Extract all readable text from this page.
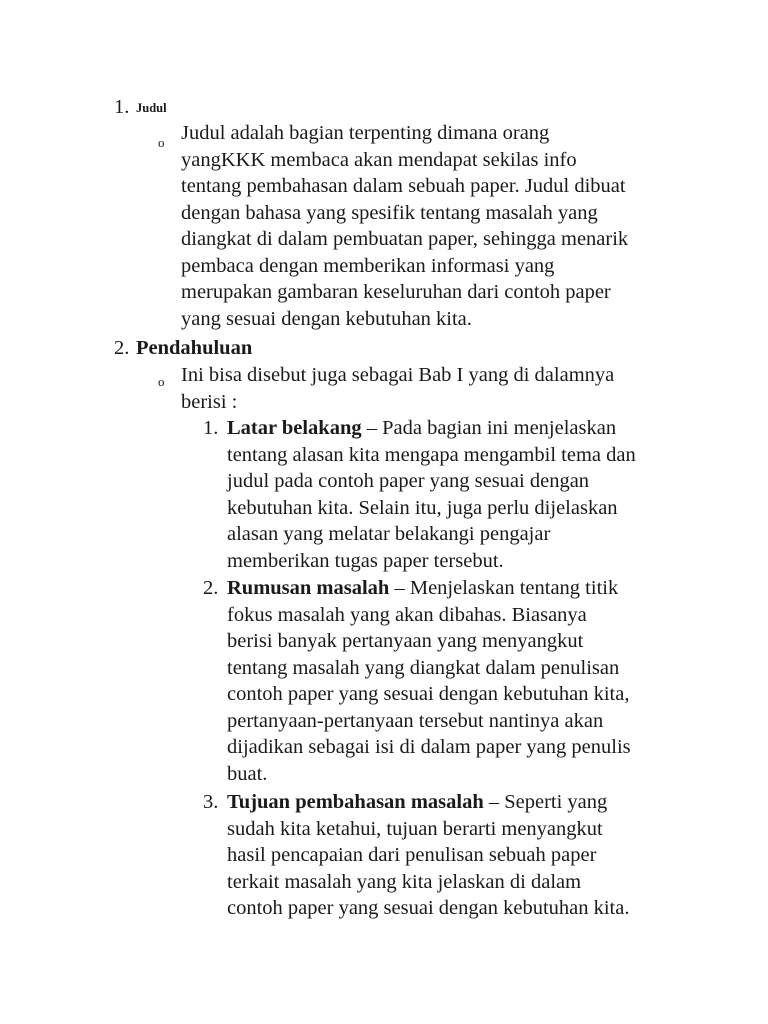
1. Judul
o Judul adalah bagian terpenting dimana orang
yangKKK membaca akan mendapat sekilas info
tentang pembahasan dalam sebuah paper. Judul dibuat
dengan bahasa yang spesifik tentang masalah yang
diangkat di dalam pembuatan paper, sehingga menarik
pembaca dengan memberikan informasi yang
merupakan gambaran keseluruhan dari contoh paper
yang sesuai dengan kebutuhan kita.
2. Pendahuluan
o Ini bisa disebut juga sebagai Bab I yang di dalamnya
berisi :
1. Latar belakang – Pada bagian ini menjelaskan
tentang alasan kita mengapa mengambil tema dan
judul pada contoh paper yang sesuai dengan
kebutuhan kita. Selain itu, juga perlu dijelaskan
alasan yang melatar belakangi pengajar
memberikan tugas paper tersebut.
2. Rumusan masalah – Menjelaskan tentang titik
fokus masalah yang akan dibahas. Biasanya
berisi banyak pertanyaan yang menyangkut
tentang masalah yang diangkat dalam penulisan
contoh paper yang sesuai dengan kebutuhan kita,
pertanyaan-pertanyaan tersebut nantinya akan
dijadikan sebagai isi di dalam paper yang penulis
buat.
3. Tujuan pembahasan masalah – Seperti yang
sudah kita ketahui, tujuan berarti menyangkut
hasil pencapaian dari penulisan sebuah paper
terkait masalah yang kita jelaskan di dalam
contoh paper yang sesuai dengan kebutuhan kita.
